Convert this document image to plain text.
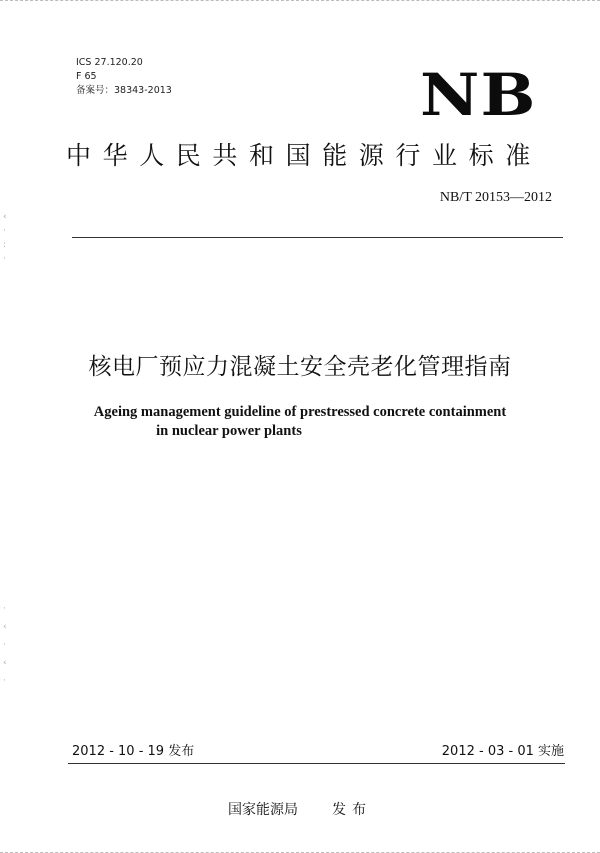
ICS 27.120.20
F 65
备案号：38343-2013	NB
中华人民共和国能源行业标准
NB/T 20153—2012
‹
·
:
·
·
‹
·
‹
·
核电厂预应力混凝土安全壳老化管理指南
Ageing management guideline of prestressed concrete containment
in nuclear power plants
2012 - 10 - 19 发布	2012 - 03 - 01 实施
国家能源局 发布
